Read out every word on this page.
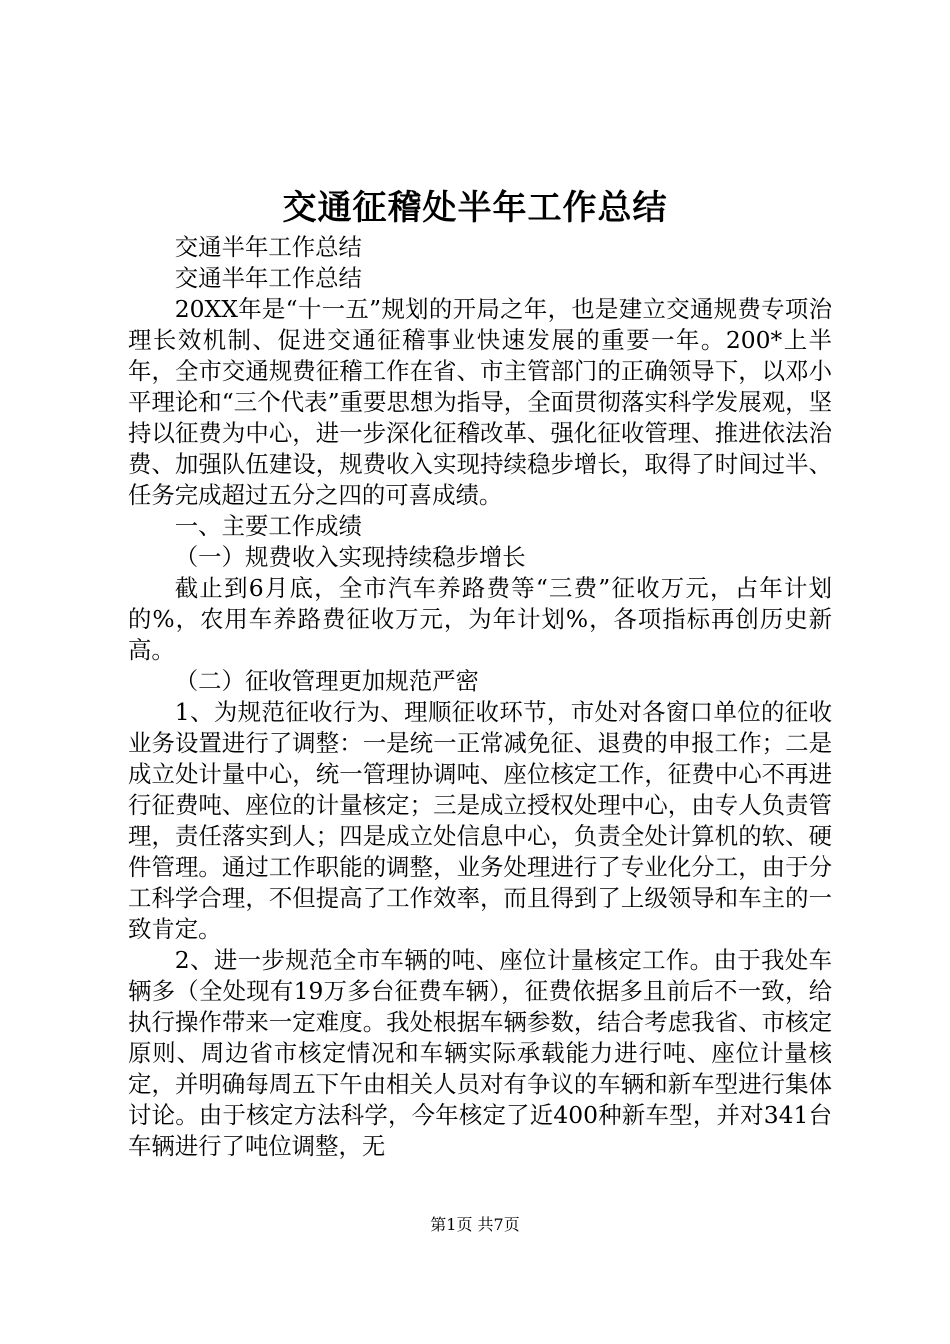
交通征稽处半年工作总结

交通半年工作总结

交通半年工作总结

20XX年是“十一五”规划的开局之年，也是建立交通规费专项治理长效机制、促进交通征稽事业快速发展的重要一年。200*上半年，全市交通规费征稽工作在省、市主管部门的正确领导下，以邓小平理论和“三个代表”重要思想为指导，全面贯彻落实科学发展观，坚持以征费为中心，进一步深化征稽改革、强化征收管理、推进依法治费、加强队伍建设，规费收入实现持续稳步增长，取得了时间过半、任务完成超过五分之四的可喜成绩。

一、主要工作成绩

（一）规费收入实现持续稳步增长

截止到6月底，全市汽车养路费等“三费”征收万元，占年计划的%，农用车养路费征收万元，为年计划%，各项指标再创历史新高。

（二）征收管理更加规范严密

1、为规范征收行为、理顺征收环节，市处对各窗口单位的征收业务设置进行了调整：一是统一正常减免征、退费的申报工作；二是成立处计量中心，统一管理协调吨、座位核定工作，征费中心不再进行征费吨、座位的计量核定；三是成立授权处理中心，由专人负责管理，责任落实到人；四是成立处信息中心，负责全处计算机的软、硬件管理。通过工作职能的调整，业务处理进行了专业化分工，由于分工科学合理，不但提高了工作效率，而且得到了上级领导和车主的一致肯定。

2、进一步规范全市车辆的吨、座位计量核定工作。由于我处车辆多（全处现有19万多台征费车辆），征费依据多且前后不一致，给执行操作带来一定难度。我处根据车辆参数，结合考虑我省、市核定原则、周边省市核定情况和车辆实际承载能力进行吨、座位计量核定，并明确每周五下午由相关人员对有争议的车辆和新车型进行集体讨论。由于核定方法科学，今年核定了近400种新车型，并对341台车辆进行了吨位调整，无

第1页 共7页
